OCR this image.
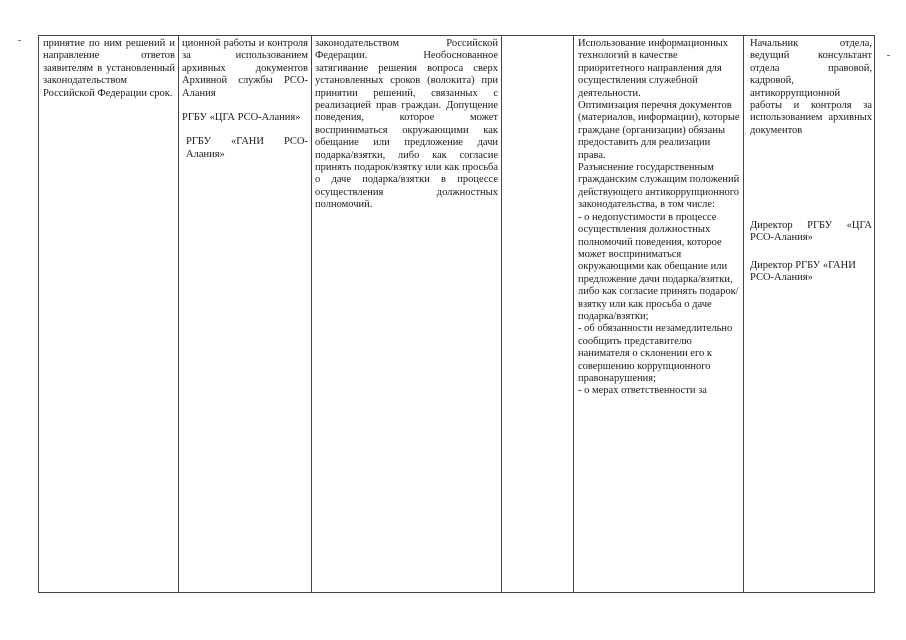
принятие по ним решений и направление ответов заявителям в установленный законодательством Российской Федерации срок.

ционной работы и контроля за использованием архивных документов Архивной службы РСО-Алания

РГБУ «ЦГА РСО-Алания»

РГБУ «ГАНИ РСО-Алания»

законодательством Российской Федерации. Необоснованное затягивание решения вопроса сверх установленных сроков (волокита) при принятии решений, связанных с реализацией прав граждан. Допущение поведения, которое может восприниматься окружающими как обещание или предложение дачи подарка/взятки, либо как согласие принять подарок/взятку или как просьба о даче подарка/взятки в процессе осуществления должностных полномочий.

Использование информационных технологий в качестве приоритетного направления для осуществления служебной деятельности.

Оптимизация перечня документов (материалов, информации), которые граждане (организации) обязаны предоставить для реализации права.

Разъяснение государственным гражданским служащим положений действующего антикоррупционного законодательства, в том числе:

- о недопустимости в процессе осуществления должностных полномочий поведения, которое может восприниматься окружающими как обещание или предложение дачи подарка/взятки, либо как согласие принять подарок/взятку или как просьба о даче подарка/взятки;

- об обязанности незамедлительно сообщить представителю нанимателя о склонении его к совершению коррупционного правонарушения;

- о мерах ответственности за

Начальник отдела, ведущий консультант отдела правовой, кадровой, антикоррупционной работы и контроля за использованием архивных документов

Директор РГБУ «ЦГА РСО-Алания»

Директор РГБУ «ГАНИ РСО-Алания»
